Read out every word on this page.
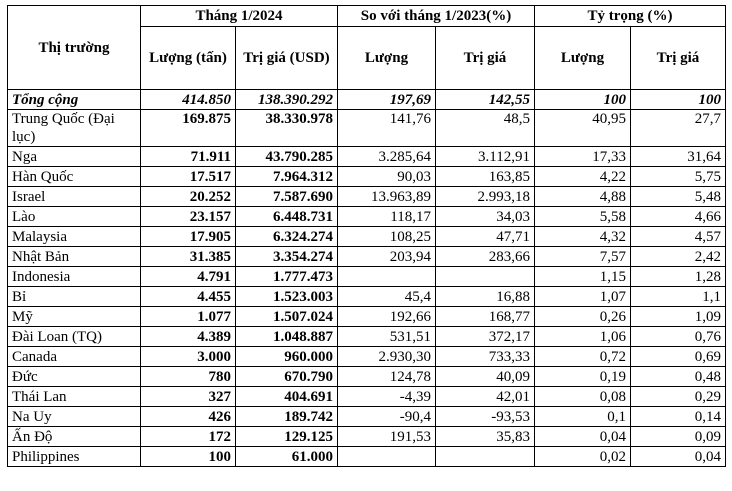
Thị trường	Tháng 1/2024		So với tháng 1/2023(%)		Tỷ trọng (%)	
	Lượng (tấn)	Trị giá (USD)	Lượng	Trị giá	Lượng	Trị giá
Tổng cộng	414.850	138.390.292	197,69	142,55	100	100
Trung Quốc (Đại lục)	169.875	38.330.978	141,76	48,5	40,95	27,7
Nga	71.911	43.790.285	3.285,64	3.112,91	17,33	31,64
Hàn Quốc	17.517	7.964.312	90,03	163,85	4,22	5,75
Israel	20.252	7.587.690	13.963,89	2.993,18	4,88	5,48
Lào	23.157	6.448.731	118,17	34,03	5,58	4,66
Malaysia	17.905	6.324.274	108,25	47,71	4,32	4,57
Nhật Bản	31.385	3.354.274	203,94	283,66	7,57	2,42
Indonesia	4.791	1.777.473			1,15	1,28
Bỉ	4.455	1.523.003	45,4	16,88	1,07	1,1
Mỹ	1.077	1.507.024	192,66	168,77	0,26	1,09
Đài Loan (TQ)	4.389	1.048.887	531,51	372,17	1,06	0,76
Canada	3.000	960.000	2.930,30	733,33	0,72	0,69
Đức	780	670.790	124,78	40,09	0,19	0,48
Thái Lan	327	404.691	-4,39	42,01	0,08	0,29
Na Uy	426	189.742	-90,4	-93,53	0,1	0,14
Ấn Độ	172	129.125	191,53	35,83	0,04	0,09
Philippines	100	61.000			0,02	0,04
